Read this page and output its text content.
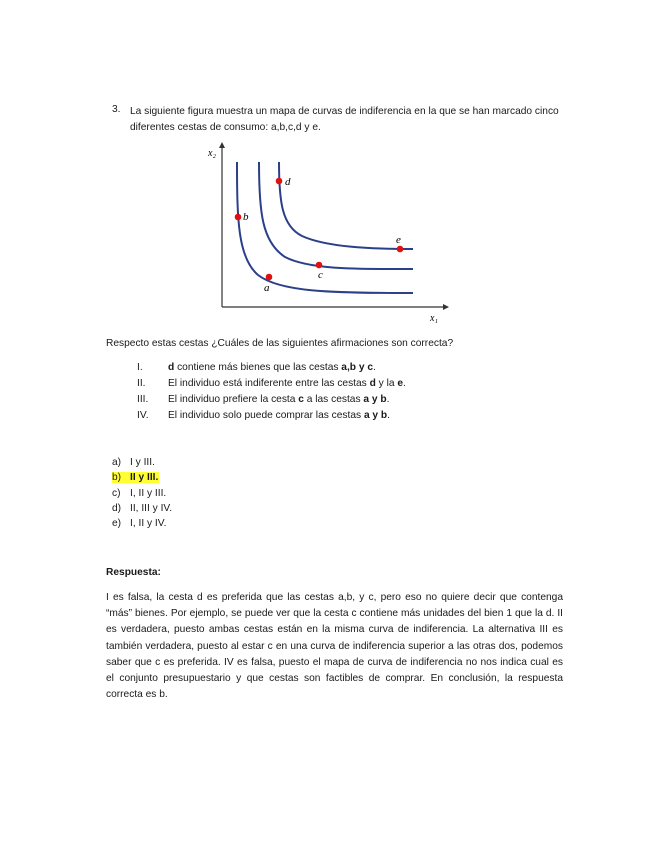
3. La siguiente figura muestra un mapa de curvas de indiferencia en la que se han marcado cinco diferentes cestas de consumo: a,b,c,d y e.
a
b
c
d
e
x₂
x₁
Respecto estas cestas ¿Cuáles de las siguientes afirmaciones son correcta?
I. d contiene más bienes que las cestas a,b y c.
II. El individuo está indiferente entre las cestas d y la e.
III. El individuo prefiere la cesta c a las cestas a y b.
IV. El individuo solo puede comprar las cestas a y b.
a) I y III.
b) II y III.
c) I, II y III.
d) II, III y IV.
e) I, II y IV.
Respuesta:
I es falsa, la cesta d es preferida que las cestas a,b, y c, pero eso no quiere decir que contenga “más” bienes. Por ejemplo, se puede ver que la cesta c contiene más unidades del bien 1 que la d. II es verdadera, puesto ambas cestas están en la misma curva de indiferencia. La alternativa III es también verdadera, puesto al estar c en una curva de indiferencia superior a las otras dos, podemos saber que c es preferida. IV es falsa, puesto el mapa de curva de indiferencia no nos indica cual es el conjunto presupuestario y que cestas son factibles de comprar. En conclusión, la respuesta correcta es b.
